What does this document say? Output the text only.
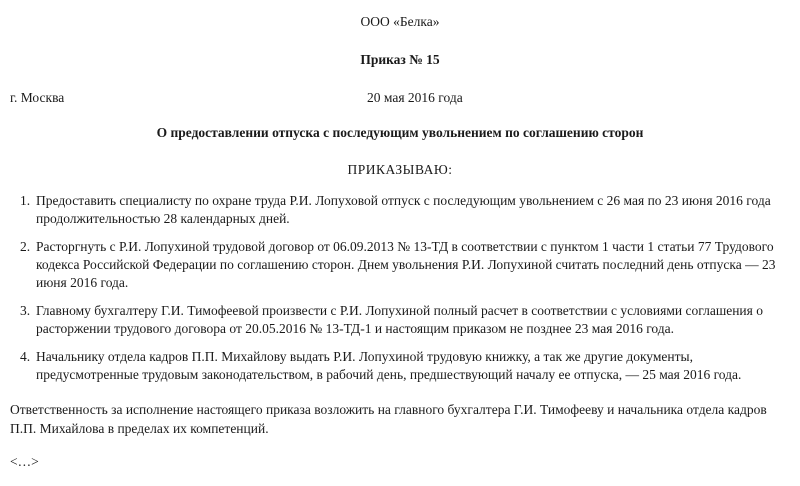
ООО «Белка»
Приказ № 15
г. Москва	20 мая 2016 года
О предоставлении отпуска с последующим увольнением по соглашению сторон
ПРИКАЗЫВАЮ:
1. Предоставить специалисту по охране труда Р.И. Лопуховой отпуск с последующим увольнением с 26 мая по 23 июня 2016 года продолжительностью 28 календарных дней.
2. Расторгнуть с Р.И. Лопухиной трудовой договор от 06.09.2013 № 13-ТД в соответствии с пунктом 1 части 1 статьи 77 Трудового кодекса Российской Федерации по соглашению сторон. Днем увольнения Р.И. Лопухиной считать последний день отпуска — 23 июня 2016 года.
3. Главному бухгалтеру Г.И. Тимофеевой произвести с Р.И. Лопухиной полный расчет в соответствии с условиями соглашения о расторжении трудового договора от 20.05.2016 № 13-ТД-1 и настоящим приказом не позднее 23 мая 2016 года.
4. Начальнику отдела кадров П.П. Михайлову выдать Р.И. Лопухиной трудовую книжку, а так же другие документы, предусмотренные трудовым законодательством, в рабочий день, предшествующий началу ее отпуска, — 25 мая 2016 года.
Ответственность за исполнение настоящего приказа возложить на главного бухгалтера Г.И. Тимофееву и начальника отдела кадров П.П. Михайлова в пределах их компетенций.
<…>
